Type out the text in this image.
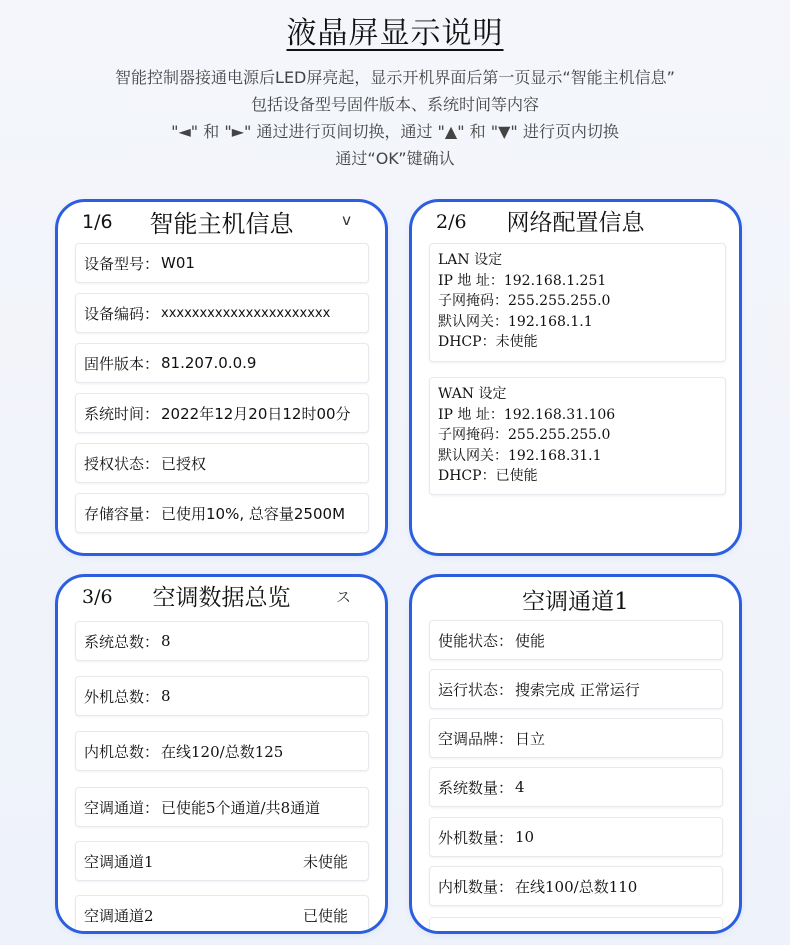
液晶屏显示说明
智能控制器接通电源后LED屏亮起，显示开机界面后第一页显示“智能主机信息”
包括设备型号固件版本、系统时间等内容
"◄" 和 "►" 通过进行页间切换，通过 "▲" 和 "▼" 进行页内切换
通过“OK”键确认
1/6	智能主机信息	v
设备型号： W01
设备编码： xxxxxxxxxxxxxxxxxxxxxx
固件版本： 81.207.0.0.9
系统时间： 2022年12月20日12时00分
授权状态： 已授权
存储容量： 已使用10%, 总容量2500M
2/6	网络配置信息
LAN 设定
IP 地 址：192.168.1.251
子网掩码：255.255.255.0
默认网关：192.168.1.1
DHCP：未使能
WAN 设定
IP 地 址：192.168.31.106
子网掩码：255.255.255.0
默认网关：192.168.31.1
DHCP：已使能
3/6	空调数据总览	ス
系统总数： 8
外机总数： 8
内机总数： 在线120/总数125
空调通道： 已使能5个通道/共8通道
空调通道1	未使能
空调通道2	已使能
空调通道1
使能状态： 使能
运行状态： 搜索完成 正常运行
空调品牌： 日立
系统数量： 4
外机数量： 10
内机数量： 在线100/总数110
